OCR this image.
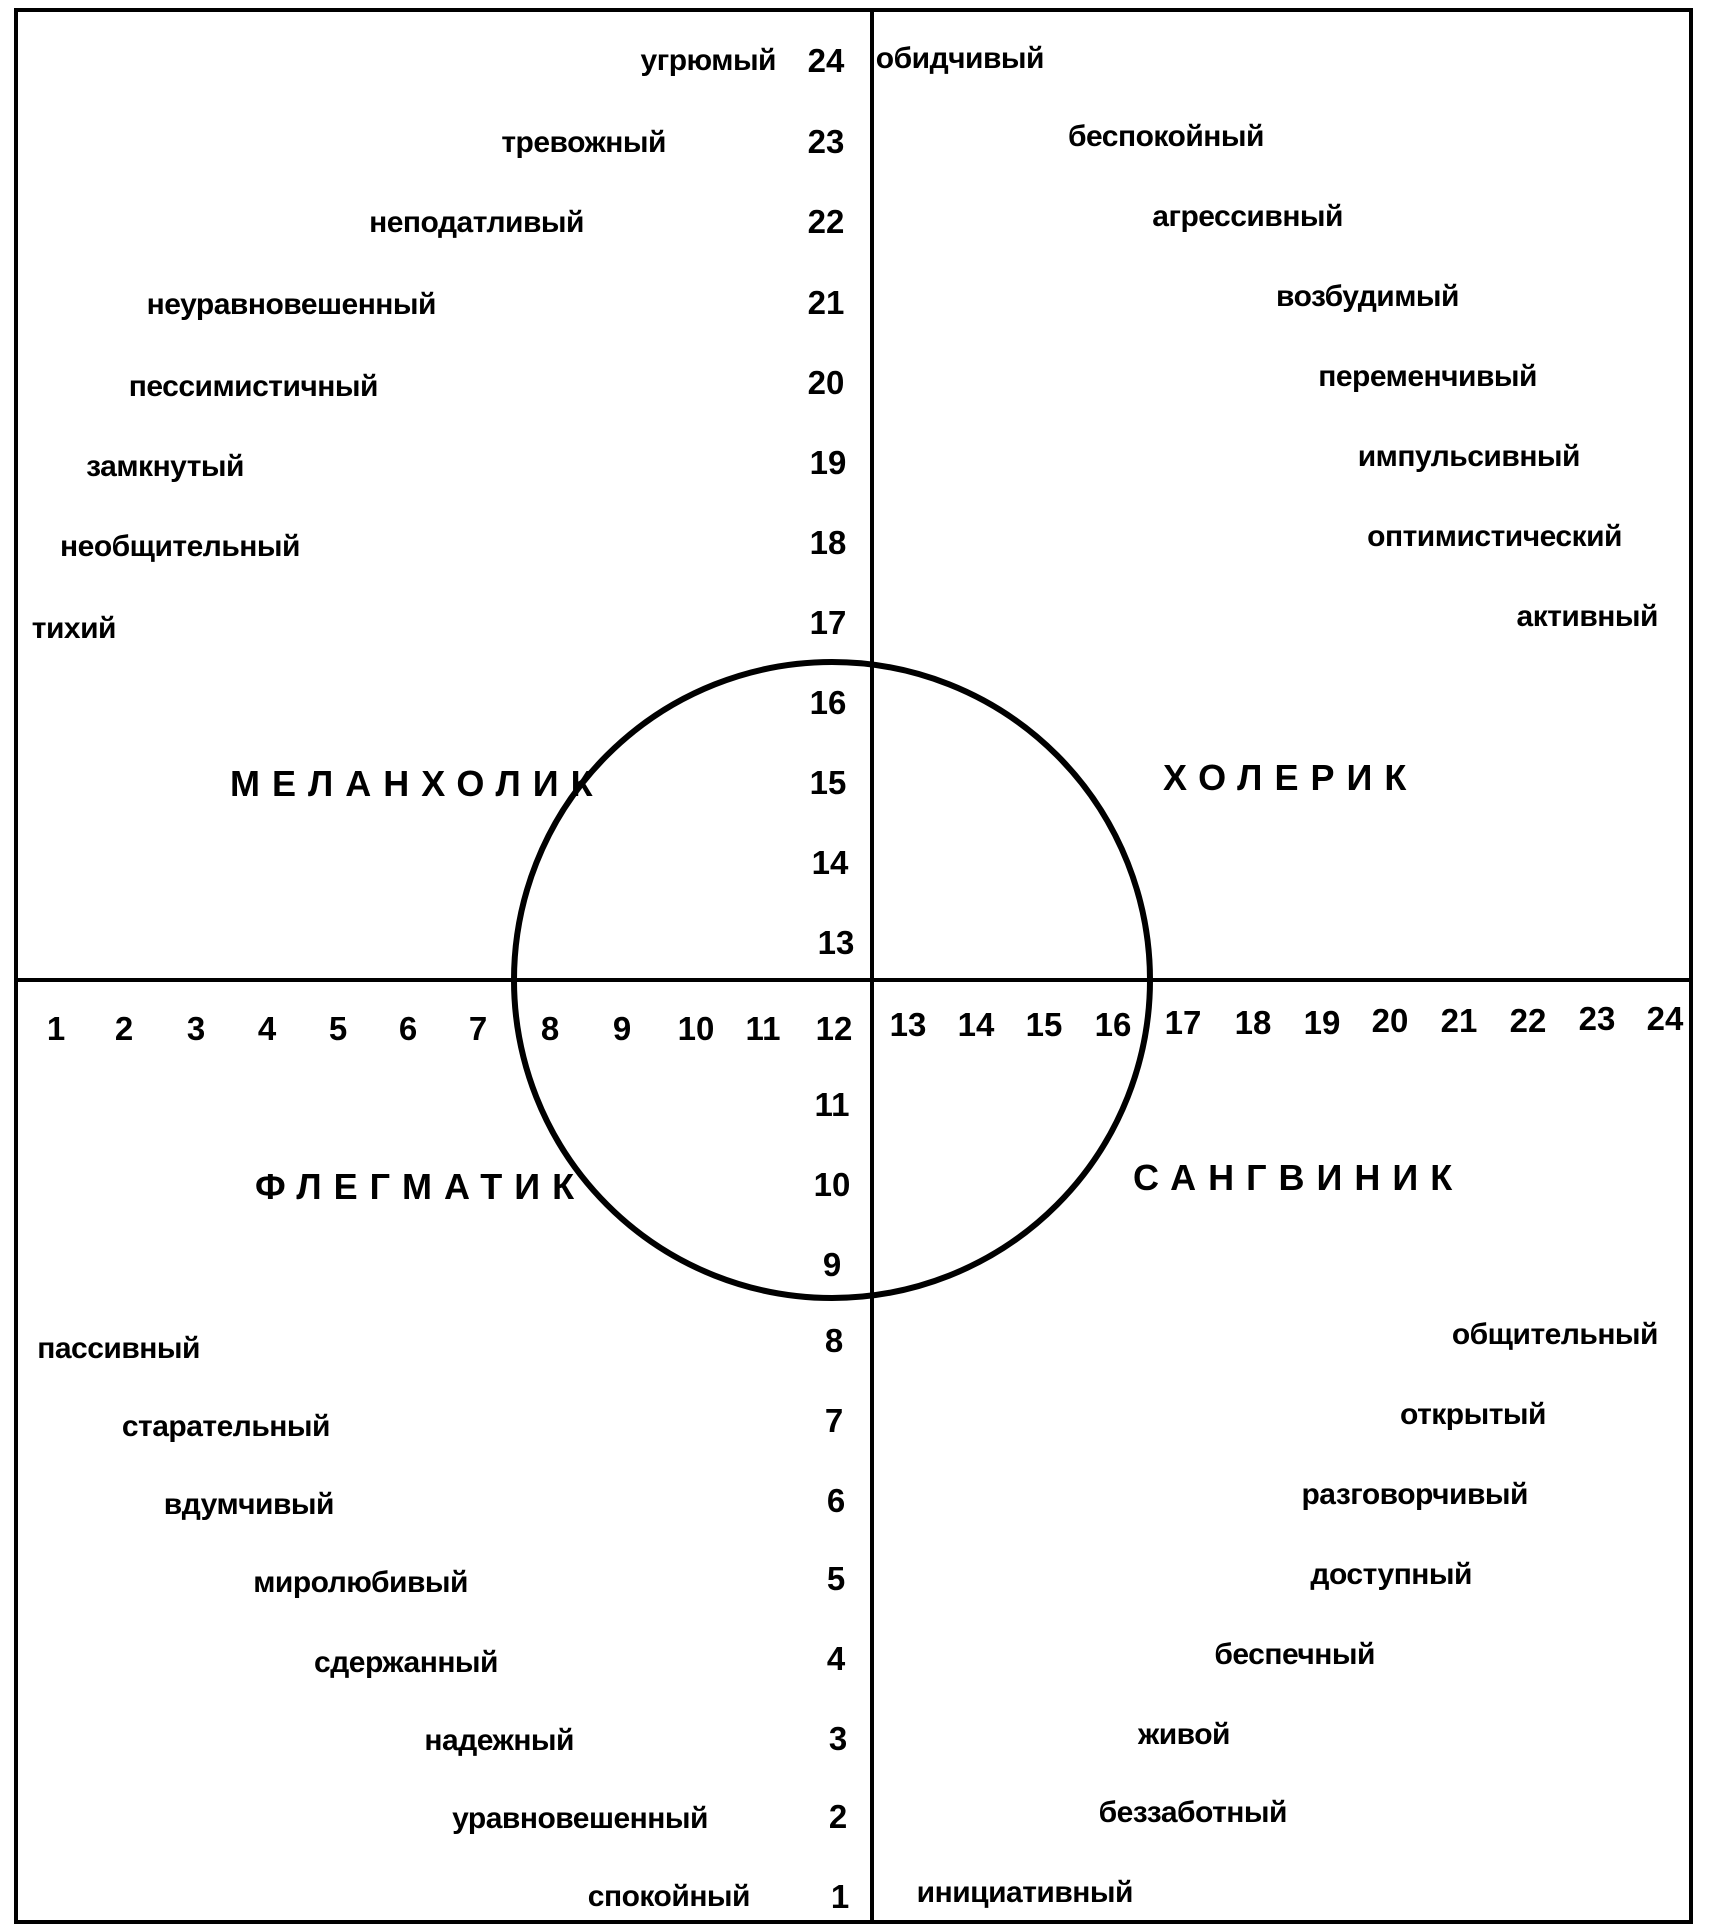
МЕЛАНХОЛИК	ХОЛЕРИК
ФЛЕГМАТИК	САНГВИНИК
1 2 3 4 5 6 7 8 9 10 11 12 13 14 15 16 17 18 19 20 21 22 23 24
24
23
22
21
20
19
18
17
16
15
14
13
11
10
9
8
7
6
5
4
3
2
1
угрюмый
тревожный
неподатливый
неуравновешенный
пессимистичный
замкнутый
необщительный
тихий
обидчивый
беспокойный
агрессивный
возбудимый
переменчивый
импульсивный
оптимистический
активный
пассивный
старательный
вдумчивый
миролюбивый
сдержанный
надежный
уравновешенный
спокойный
общительный
открытый
разговорчивый
доступный
беспечный
живой
беззаботный
инициативный
